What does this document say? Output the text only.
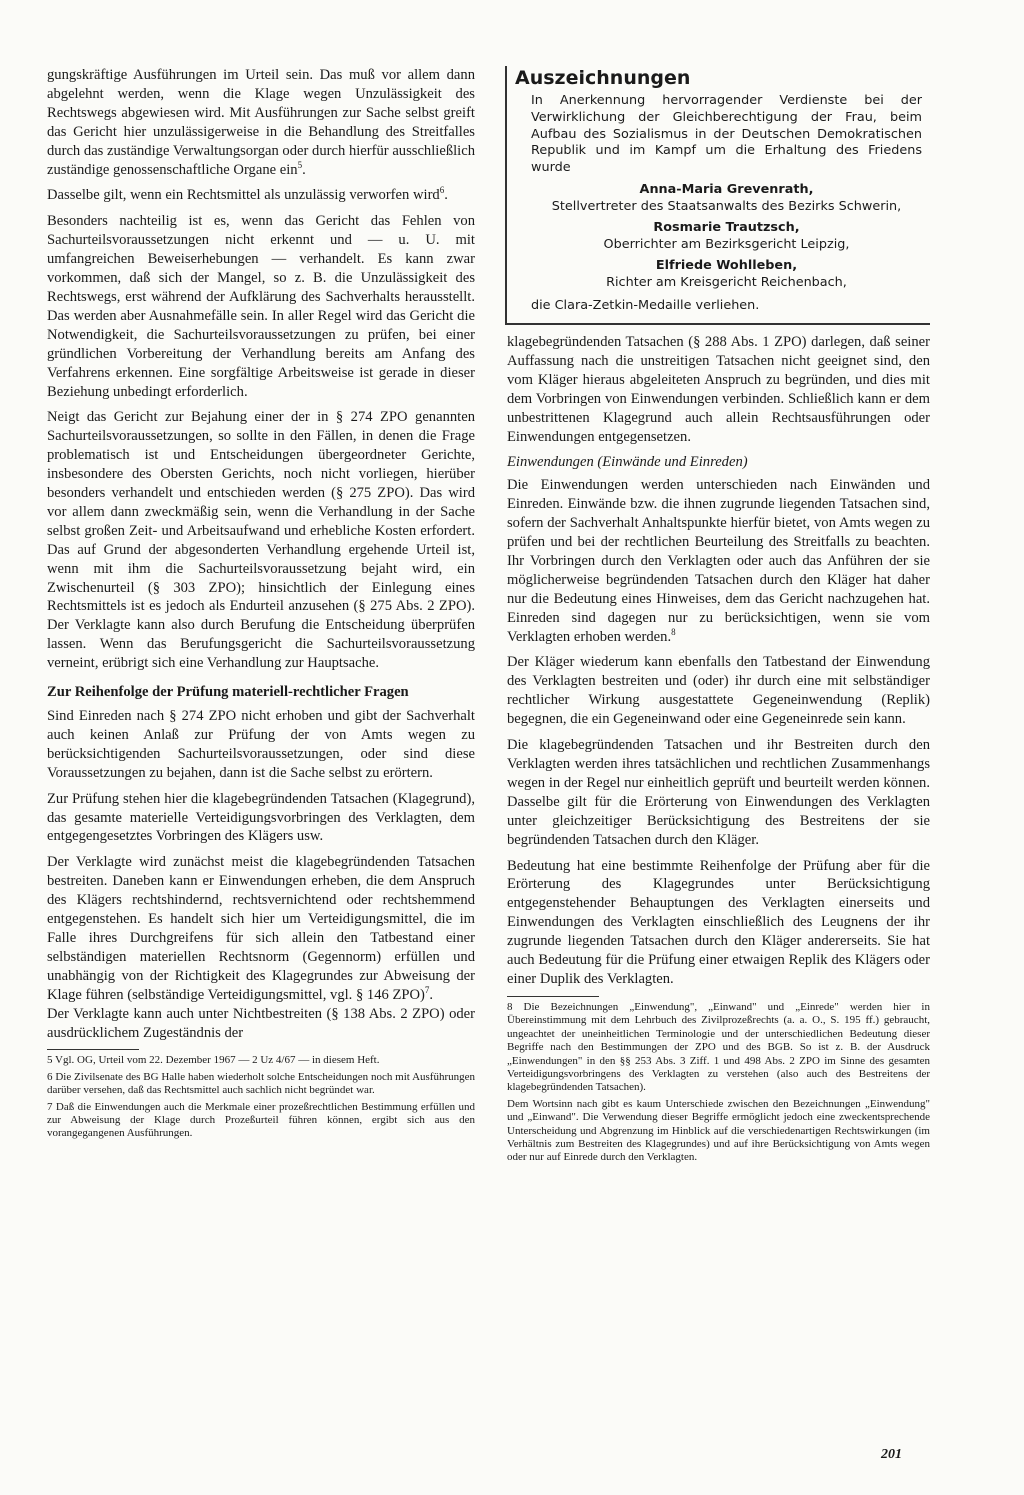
gungskräftige Ausführungen im Urteil sein. Das muß vor allem dann abgelehnt werden, wenn die Klage wegen Unzulässigkeit des Rechtswegs abgewiesen wird. Mit Ausführungen zur Sache selbst greift das Gericht hier unzulässigerweise in die Behandlung des Streitfalles durch das zuständige Verwaltungsorgan oder durch hierfür ausschließlich zuständige genossenschaftliche Organe ein$^5$.

Dasselbe gilt, wenn ein Rechtsmittel als unzulässig verworfen wird$^6$.

Besonders nachteilig ist es, wenn das Gericht das Fehlen von Sachurteilsvoraussetzungen nicht erkennt und — u. U. mit umfangreichen Beweiserhebungen — verhandelt. Es kann zwar vorkommen, daß sich der Mangel, so z. B. die Unzulässigkeit des Rechtswegs, erst während der Aufklärung des Sachverhalts herausstellt. Das werden aber Ausnahmefälle sein. In aller Regel wird das Gericht die Notwendigkeit, die Sachurteilsvoraussetzungen zu prüfen, bei einer gründlichen Vorbereitung der Verhandlung bereits am Anfang des Verfahrens erkennen. Eine sorgfältige Arbeitsweise ist gerade in dieser Beziehung unbedingt erforderlich.

Neigt das Gericht zur Bejahung einer der in § 274 ZPO genannten Sachurteilsvoraussetzungen, so sollte in den Fällen, in denen die Frage problematisch ist und Entscheidungen übergeordneter Gerichte, insbesondere des Obersten Gerichts, noch nicht vorliegen, hierüber besonders verhandelt und entschieden werden (§ 275 ZPO). Das wird vor allem dann zweckmäßig sein, wenn die Verhandlung in der Sache selbst großen Zeit- und Arbeitsaufwand und erhebliche Kosten erfordert. Das auf Grund der abgesonderten Verhandlung ergehende Urteil ist, wenn mit ihm die Sachurteilsvoraussetzung bejaht wird, ein Zwischenurteil (§ 303 ZPO); hinsichtlich der Einlegung eines Rechtsmittels ist es jedoch als Endurteil anzusehen (§ 275 Abs. 2 ZPO). Der Verklagte kann also durch Berufung die Entscheidung überprüfen lassen. Wenn das Berufungsgericht die Sachurteilsvoraussetzung verneint, erübrigt sich eine Verhandlung zur Hauptsache.

Zur Reihenfolge der Prüfung materiell-rechtlicher Fragen

Sind Einreden nach § 274 ZPO nicht erhoben und gibt der Sachverhalt auch keinen Anlaß zur Prüfung der von Amts wegen zu berücksichtigenden Sachurteilsvoraussetzungen, oder sind diese Voraussetzungen zu bejahen, dann ist die Sache selbst zu erörtern.

Zur Prüfung stehen hier die klagebegründenden Tatsachen (Klagegrund), das gesamte materielle Verteidigungsvorbringen des Verklagten, dem entgegengesetztes Vorbringen des Klägers usw.

Der Verklagte wird zunächst meist die klagebegründenden Tatsachen bestreiten. Daneben kann er Einwendungen erheben, die dem Anspruch des Klägers rechtshindernd, rechtsvernichtend oder rechtshemmend entgegenstehen. Es handelt sich hier um Verteidigungsmittel, die im Falle ihres Durchgreifens für sich allein den Tatbestand einer selbständigen materiellen Rechtsnorm (Gegennorm) erfüllen und unabhängig von der Richtigkeit des Klagegrundes zur Abweisung der Klage führen (selbständige Verteidigungsmittel, vgl. § 146 ZPO)$^7$.

Der Verklagte kann auch unter Nichtbestreiten (§ 138 Abs. 2 ZPO) oder ausdrücklichem Zugeständnis der

5 Vgl. OG, Urteil vom 22. Dezember 1967 — 2 Uz 4/67 — in diesem Heft.

6 Die Zivilsenate des BG Halle haben wiederholt solche Entscheidungen noch mit Ausführungen darüber versehen, daß das Rechtsmittel auch sachlich nicht begründet war.

7 Daß die Einwendungen auch die Merkmale einer prozeßrechtlichen Bestimmung erfüllen und zur Abweisung der Klage durch Prozeßurteil führen können, ergibt sich aus den vorangegangenen Ausführungen.

Auszeichnungen
In Anerkennung hervorragender Verdienste bei der Verwirklichung der Gleichberechtigung der Frau, beim Aufbau des Sozialismus in der Deutschen Demokratischen Republik und im Kampf um die Erhaltung des Friedens wurde
Anna-Maria Grevenrath,
Stellvertreter des Staatsanwalts des Bezirks Schwerin,
Rosmarie Trautzsch,
Oberrichter am Bezirksgericht Leipzig,
Elfriede Wohlleben,
Richter am Kreisgericht Reichenbach,
die Clara-Zetkin-Medaille verliehen.

klagebegründenden Tatsachen (§ 288 Abs. 1 ZPO) darlegen, daß seiner Auffassung nach die unstreitigen Tatsachen nicht geeignet sind, den vom Kläger hieraus abgeleiteten Anspruch zu begründen, und dies mit dem Vorbringen von Einwendungen verbinden. Schließlich kann er dem unbestrittenen Klagegrund auch allein Rechtsausführungen oder Einwendungen entgegensetzen.

Einwendungen (Einwände und Einreden)

Die Einwendungen werden unterschieden nach Einwänden und Einreden. Einwände bzw. die ihnen zugrunde liegenden Tatsachen sind, sofern der Sachverhalt Anhaltspunkte hierfür bietet, von Amts wegen zu prüfen und bei der rechtlichen Beurteilung des Streitfalls zu beachten. Ihr Vorbringen durch den Verklagten oder auch das Anführen der sie möglicherweise begründenden Tatsachen durch den Kläger hat daher nur die Bedeutung eines Hinweises, dem das Gericht nachzugehen hat. Einreden sind dagegen nur zu berücksichtigen, wenn sie vom Verklagten erhoben werden.$^8$

Der Kläger wiederum kann ebenfalls den Tatbestand der Einwendung des Verklagten bestreiten und (oder) ihr durch eine mit selbständiger rechtlicher Wirkung ausgestattete Gegeneinwendung (Replik) begegnen, die ein Gegeneinwand oder eine Gegeneinrede sein kann.

Die klagebegründenden Tatsachen und ihr Bestreiten durch den Verklagten werden ihres tatsächlichen und rechtlichen Zusammenhangs wegen in der Regel nur einheitlich geprüft und beurteilt werden können. Dasselbe gilt für die Erörterung von Einwendungen des Verklagten unter gleichzeitiger Berücksichtigung des Bestreitens der sie begründenden Tatsachen durch den Kläger.

Bedeutung hat eine bestimmte Reihenfolge der Prüfung aber für die Erörterung des Klagegrundes unter Berücksichtigung entgegenstehender Behauptungen des Verklagten einerseits und Einwendungen des Verklagten einschließlich des Leugnens der ihr zugrunde liegenden Tatsachen durch den Kläger andererseits. Sie hat auch Bedeutung für die Prüfung einer etwaigen Replik des Klägers oder einer Duplik des Verklagten.

8 Die Bezeichnungen „Einwendung", „Einwand" und „Einrede" werden hier in Übereinstimmung mit dem Lehrbuch des Zivilprozeßrechts (a. a. O., S. 195 ff.) gebraucht, ungeachtet der uneinheitlichen Terminologie und der unterschiedlichen Bedeutung dieser Begriffe nach den Bestimmungen der ZPO und des BGB. So ist z. B. der Ausdruck „Einwendungen" in den §§ 253 Abs. 3 Ziff. 1 und 498 Abs. 2 ZPO im Sinne des gesamten Verteidigungsvorbringens des Verklagten zu verstehen (also auch des Bestreitens der klagebegründenden Tatsachen).

Dem Wortsinn nach gibt es kaum Unterschiede zwischen den Bezeichnungen „Einwendung" und „Einwand". Die Verwendung dieser Begriffe ermöglicht jedoch eine zweckentsprechende Unterscheidung und Abgrenzung im Hinblick auf die verschiedenartigen Rechtswirkungen (im Verhältnis zum Bestreiten des Klagegrundes) und auf ihre Berücksichtigung von Amts wegen oder nur auf Einrede durch den Verklagten.

201
